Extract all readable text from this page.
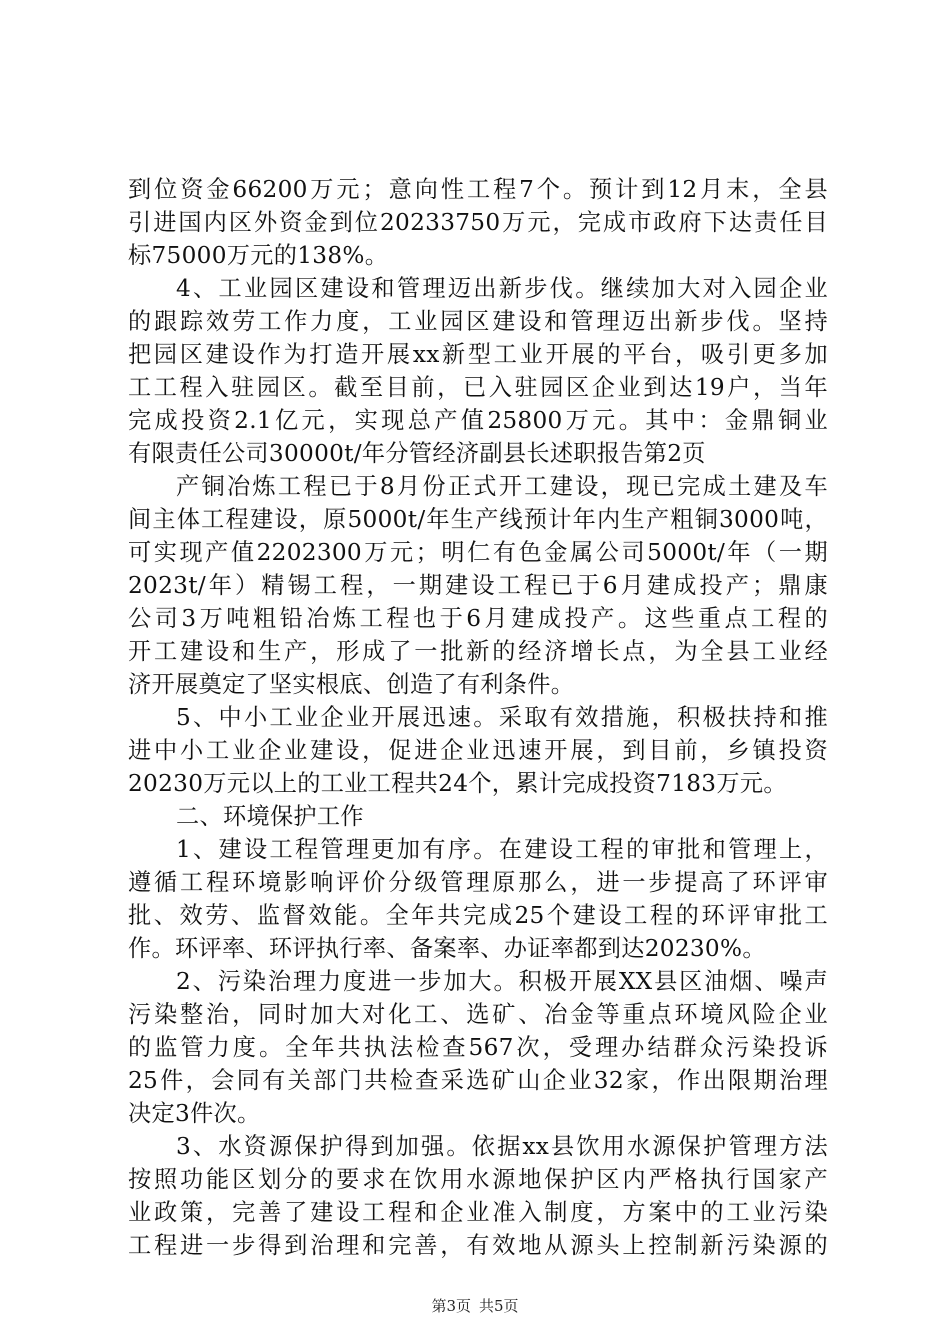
到位资金66200万元；意向性工程7个。预计到12月末，全县
引进国内区外资金到位20233750万元，完成市政府下达责任目
标75000万元的138%。
4、工业园区建设和管理迈出新步伐。继续加大对入园企业
的跟踪效劳工作力度，工业园区建设和管理迈出新步伐。坚持
把园区建设作为打造开展xx新型工业开展的平台，吸引更多加
工工程入驻园区。截至目前，已入驻园区企业到达19户，当年
完成投资2.1亿元，实现总产值25800万元。其中：金鼎铜业
有限责任公司30000t/年分管经济副县长述职报告第2页
产铜冶炼工程已于8月份正式开工建设，现已完成土建及车
间主体工程建设，原5000t/年生产线预计年内生产粗铜3000吨，
可实现产值2202300万元；明仁有色金属公司5000t/年（一期
2023t/年）精锡工程，一期建设工程已于6月建成投产；鼎康
公司3万吨粗铅冶炼工程也于6月建成投产。这些重点工程的
开工建设和生产，形成了一批新的经济增长点，为全县工业经
济开展奠定了坚实根底、创造了有利条件。
5、中小工业企业开展迅速。采取有效措施，积极扶持和推
进中小工业企业建设，促进企业迅速开展，到目前，乡镇投资
20230万元以上的工业工程共24个，累计完成投资7183万元。
二、环境保护工作
1、建设工程管理更加有序。在建设工程的审批和管理上，
遵循工程环境影响评价分级管理原那么，进一步提高了环评审
批、效劳、监督效能。全年共完成25个建设工程的环评审批工
作。环评率、环评执行率、备案率、办证率都到达20230%。
2、污染治理力度进一步加大。积极开展XX县区油烟、噪声
污染整治，同时加大对化工、选矿、冶金等重点环境风险企业
的监管力度。全年共执法检查567次，受理办结群众污染投诉
25件，会同有关部门共检查采选矿山企业32家，作出限期治理
决定3件次。
3、水资源保护得到加强。依据xx县饮用水源保护管理方法
按照功能区划分的要求在饮用水源地保护区内严格执行国家产
业政策，完善了建设工程和企业准入制度，方案中的工业污染
工程进一步得到治理和完善，有效地从源头上控制新污染源的
第3页 共5页
